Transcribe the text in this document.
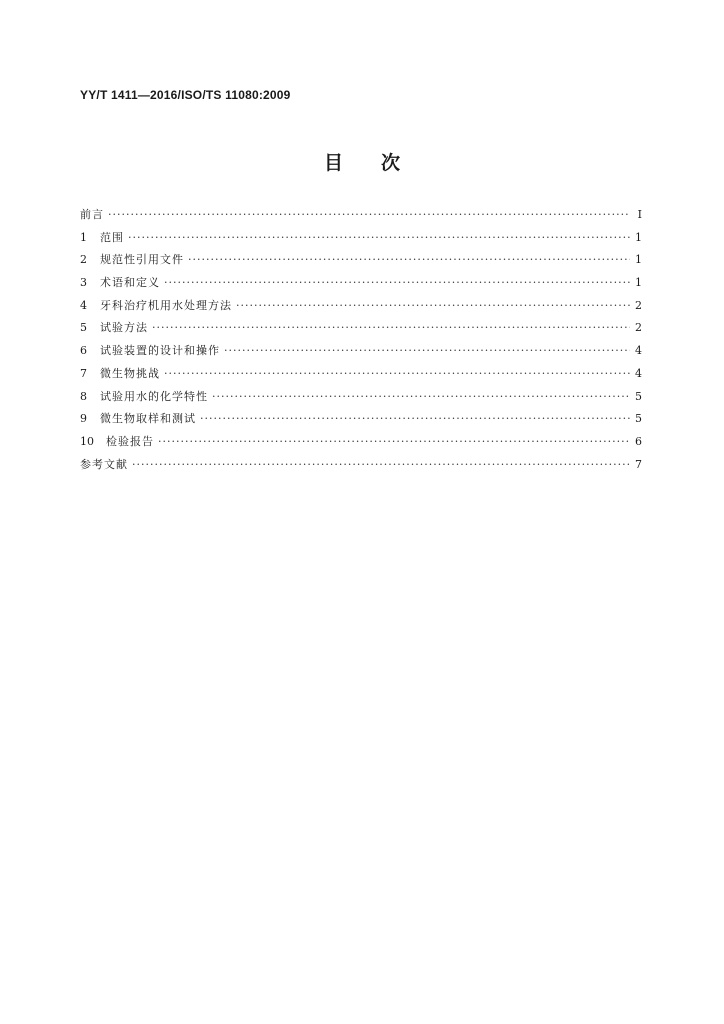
YY/T 1411—2016/ISO/TS 11080:2009
目次
前言 ·····	Ⅰ
1	范围 ·····	1
2	规范性引用文件 ·····	1
3	术语和定义 ·····	1
4	牙科治疗机用水处理方法 ·····	2
5	试验方法 ·····	2
6	试验装置的设计和操作 ·····	4
7	微生物挑战 ·····	4
8	试验用水的化学特性 ·····	5
9	微生物取样和测试 ·····	5
10	检验报告 ·····	6
参考文献 ·····	7
